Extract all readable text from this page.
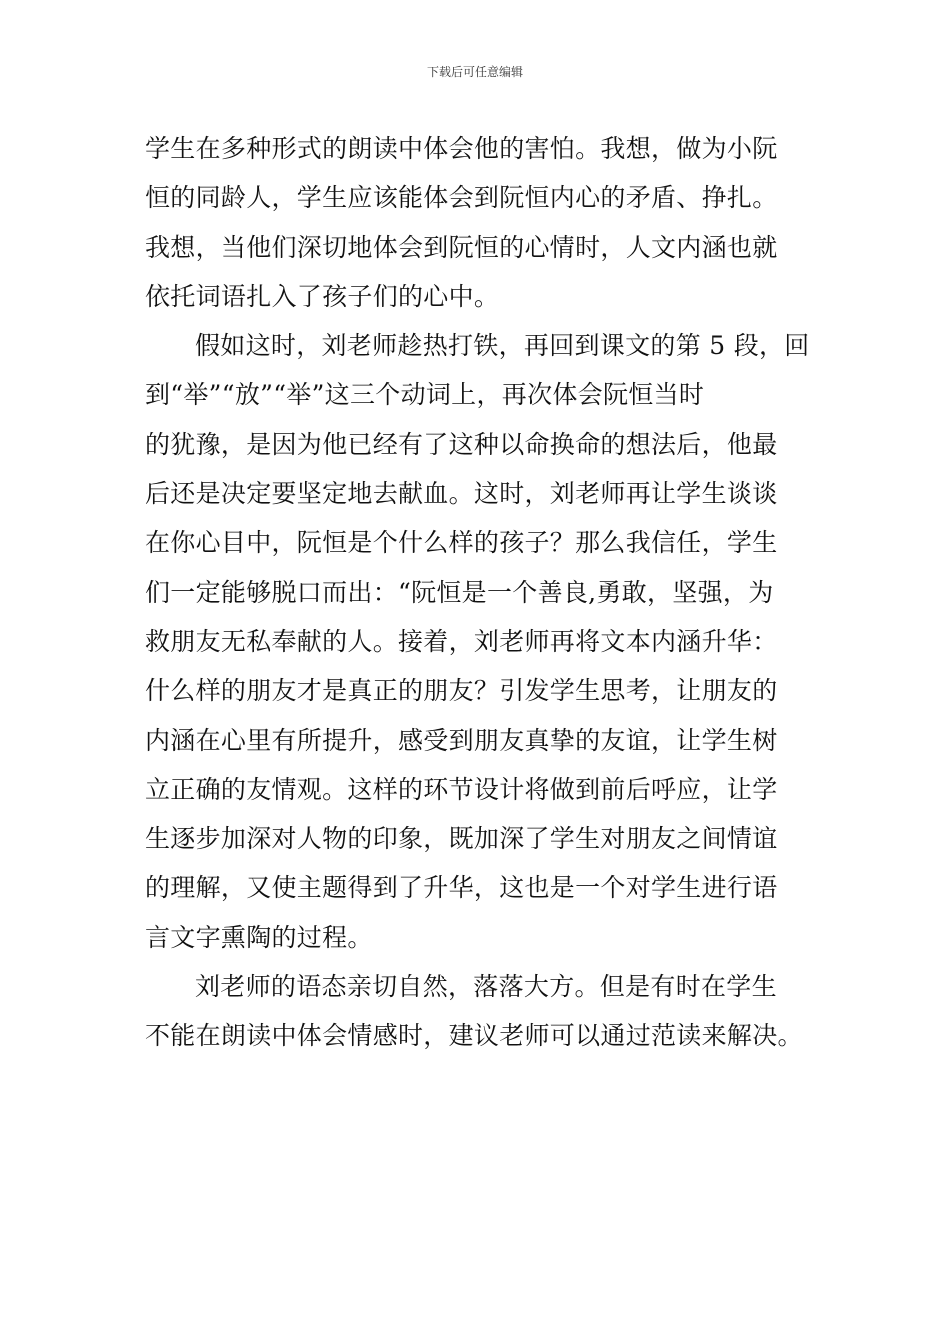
下载后可任意编辑
学生在多种形式的朗读中体会他的害怕。我想，做为小阮
恒的同龄人，学生应该能体会到阮恒内心的矛盾、挣扎。
我想，当他们深切地体会到阮恒的心情时，人文内涵也就
依托词语扎入了孩子们的心中。
假如这时，刘老师趁热打铁，再回到课文的第 5 段，回
到“举”“放”“举”这三个动词上，再次体会阮恒当时
的犹豫，是因为他已经有了这种以命换命的想法后，他最
后还是决定要坚定地去献血。这时，刘老师再让学生谈谈
在你心目中，阮恒是个什么样的孩子？那么我信任，学生
们一定能够脱口而出：“阮恒是一个善良,勇敢，坚强，为
救朋友无私奉献的人。接着，刘老师再将文本内涵升华：
什么样的朋友才是真正的朋友？引发学生思考，让朋友的
内涵在心里有所提升，感受到朋友真挚的友谊，让学生树
立正确的友情观。这样的环节设计将做到前后呼应，让学
生逐步加深对人物的印象，既加深了学生对朋友之间情谊
的理解，又使主题得到了升华，这也是一个对学生进行语
言文字熏陶的过程。
刘老师的语态亲切自然，落落大方。但是有时在学生
不能在朗读中体会情感时，建议老师可以通过范读来解决。
